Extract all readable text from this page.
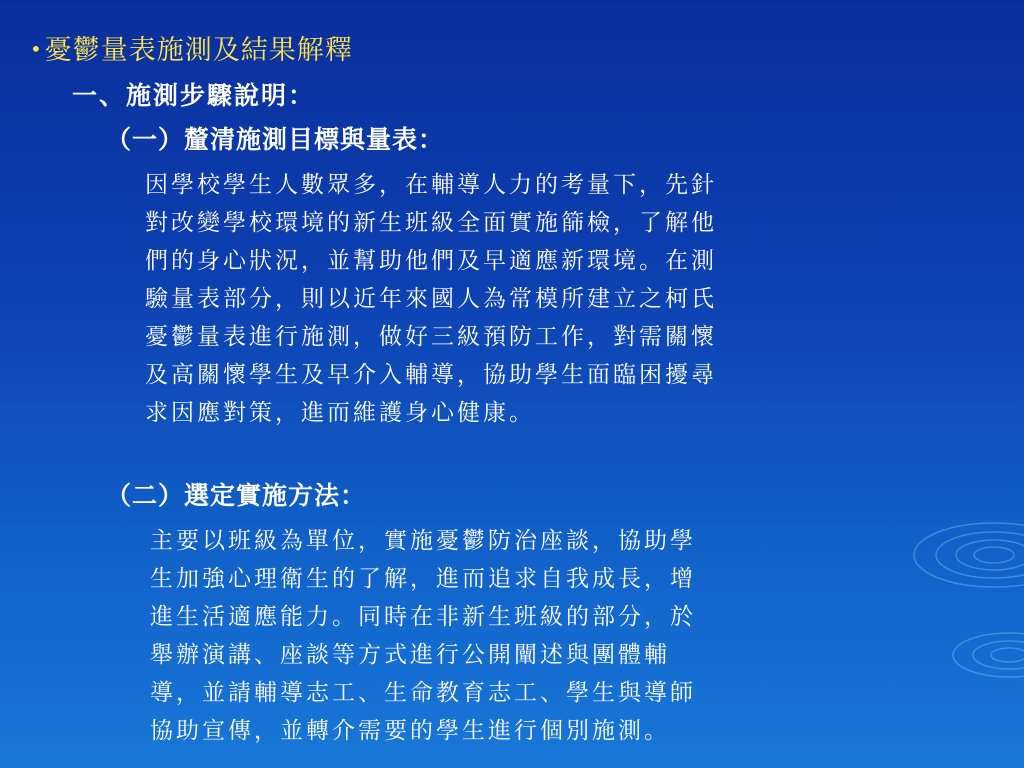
•憂鬱量表施測及結果解釋
一、施測步驟說明：
（一）釐清施測目標與量表：
因學校學生人數眾多，在輔導人力的考量下，先針
對改變學校環境的新生班級全面實施篩檢，了解他
們的身心狀況，並幫助他們及早適應新環境。在測
驗量表部分，則以近年來國人為常模所建立之柯氏
憂鬱量表進行施測，做好三級預防工作，對需關懷
及高關懷學生及早介入輔導，協助學生面臨困擾尋
求因應對策，進而維護身心健康。
（二）選定實施方法：
主要以班級為單位，實施憂鬱防治座談，協助學
生加強心理衛生的了解，進而追求自我成長，增
進生活適應能力。同時在非新生班級的部分，於
舉辦演講、座談等方式進行公開闡述與團體輔
導，並請輔導志工、生命教育志工、學生與導師
協助宣傳，並轉介需要的學生進行個別施測。
